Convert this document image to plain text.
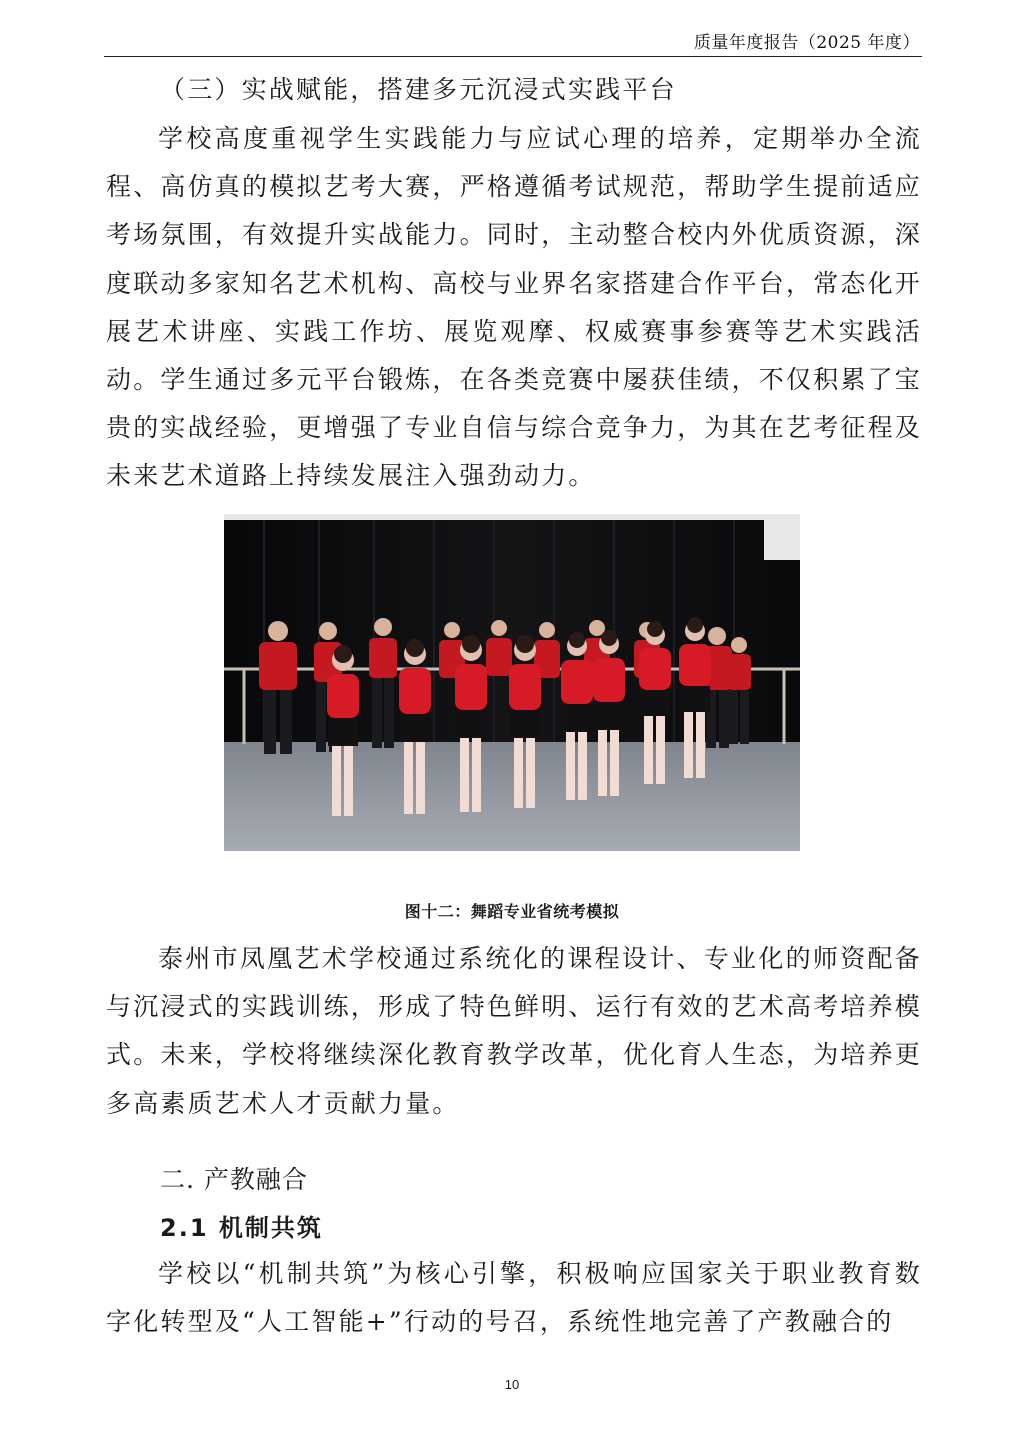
质量年度报告（2025 年度）

（三）实战赋能，搭建多元沉浸式实践平台

学校高度重视学生实践能力与应试心理的培养，定期举办全流程、高仿真的模拟艺考大赛，严格遵循考试规范，帮助学生提前适应考场氛围，有效提升实战能力。同时，主动整合校内外优质资源，深度联动多家知名艺术机构、高校与业界名家搭建合作平台，常态化开展艺术讲座、实践工作坊、展览观摩、权威赛事参赛等艺术实践活动。学生通过多元平台锻炼，在各类竞赛中屡获佳绩，不仅积累了宝贵的实战经验，更增强了专业自信与综合竞争力，为其在艺考征程及未来艺术道路上持续发展注入强劲动力。

图十二：舞蹈专业省统考模拟

泰州市凤凰艺术学校通过系统化的课程设计、专业化的师资配备与沉浸式的实践训练，形成了特色鲜明、运行有效的艺术高考培养模式。未来，学校将继续深化教育教学改革，优化育人生态，为培养更多高素质艺术人才贡献力量。

二. 产教融合

2.1 机制共筑

学校以“机制共筑”为核心引擎，积极响应国家关于职业教育数字化转型及“人工智能+”行动的号召，系统性地完善了产教融合的

10
